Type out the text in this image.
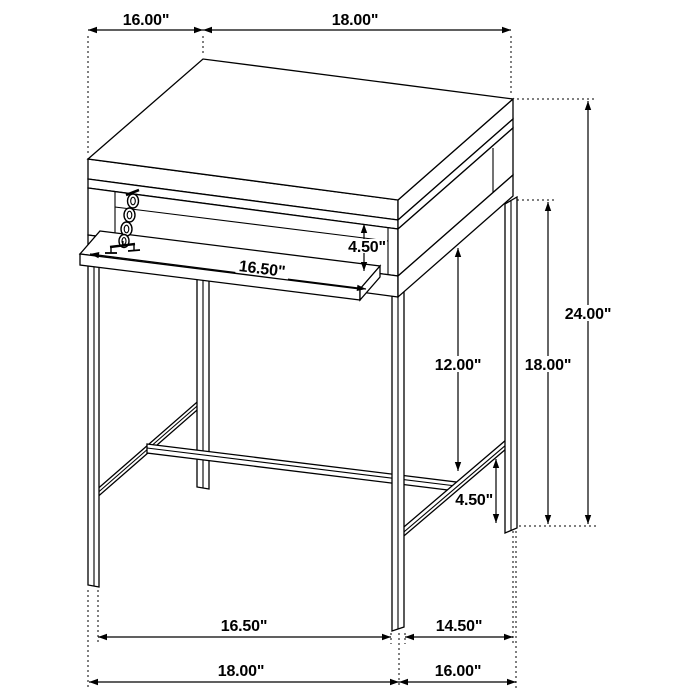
16.00"	18.00"
24.00"
18.00"
4.50"
16.50"
12.00"
4.50"
16.50"	14.50"
18.00"	16.00"
